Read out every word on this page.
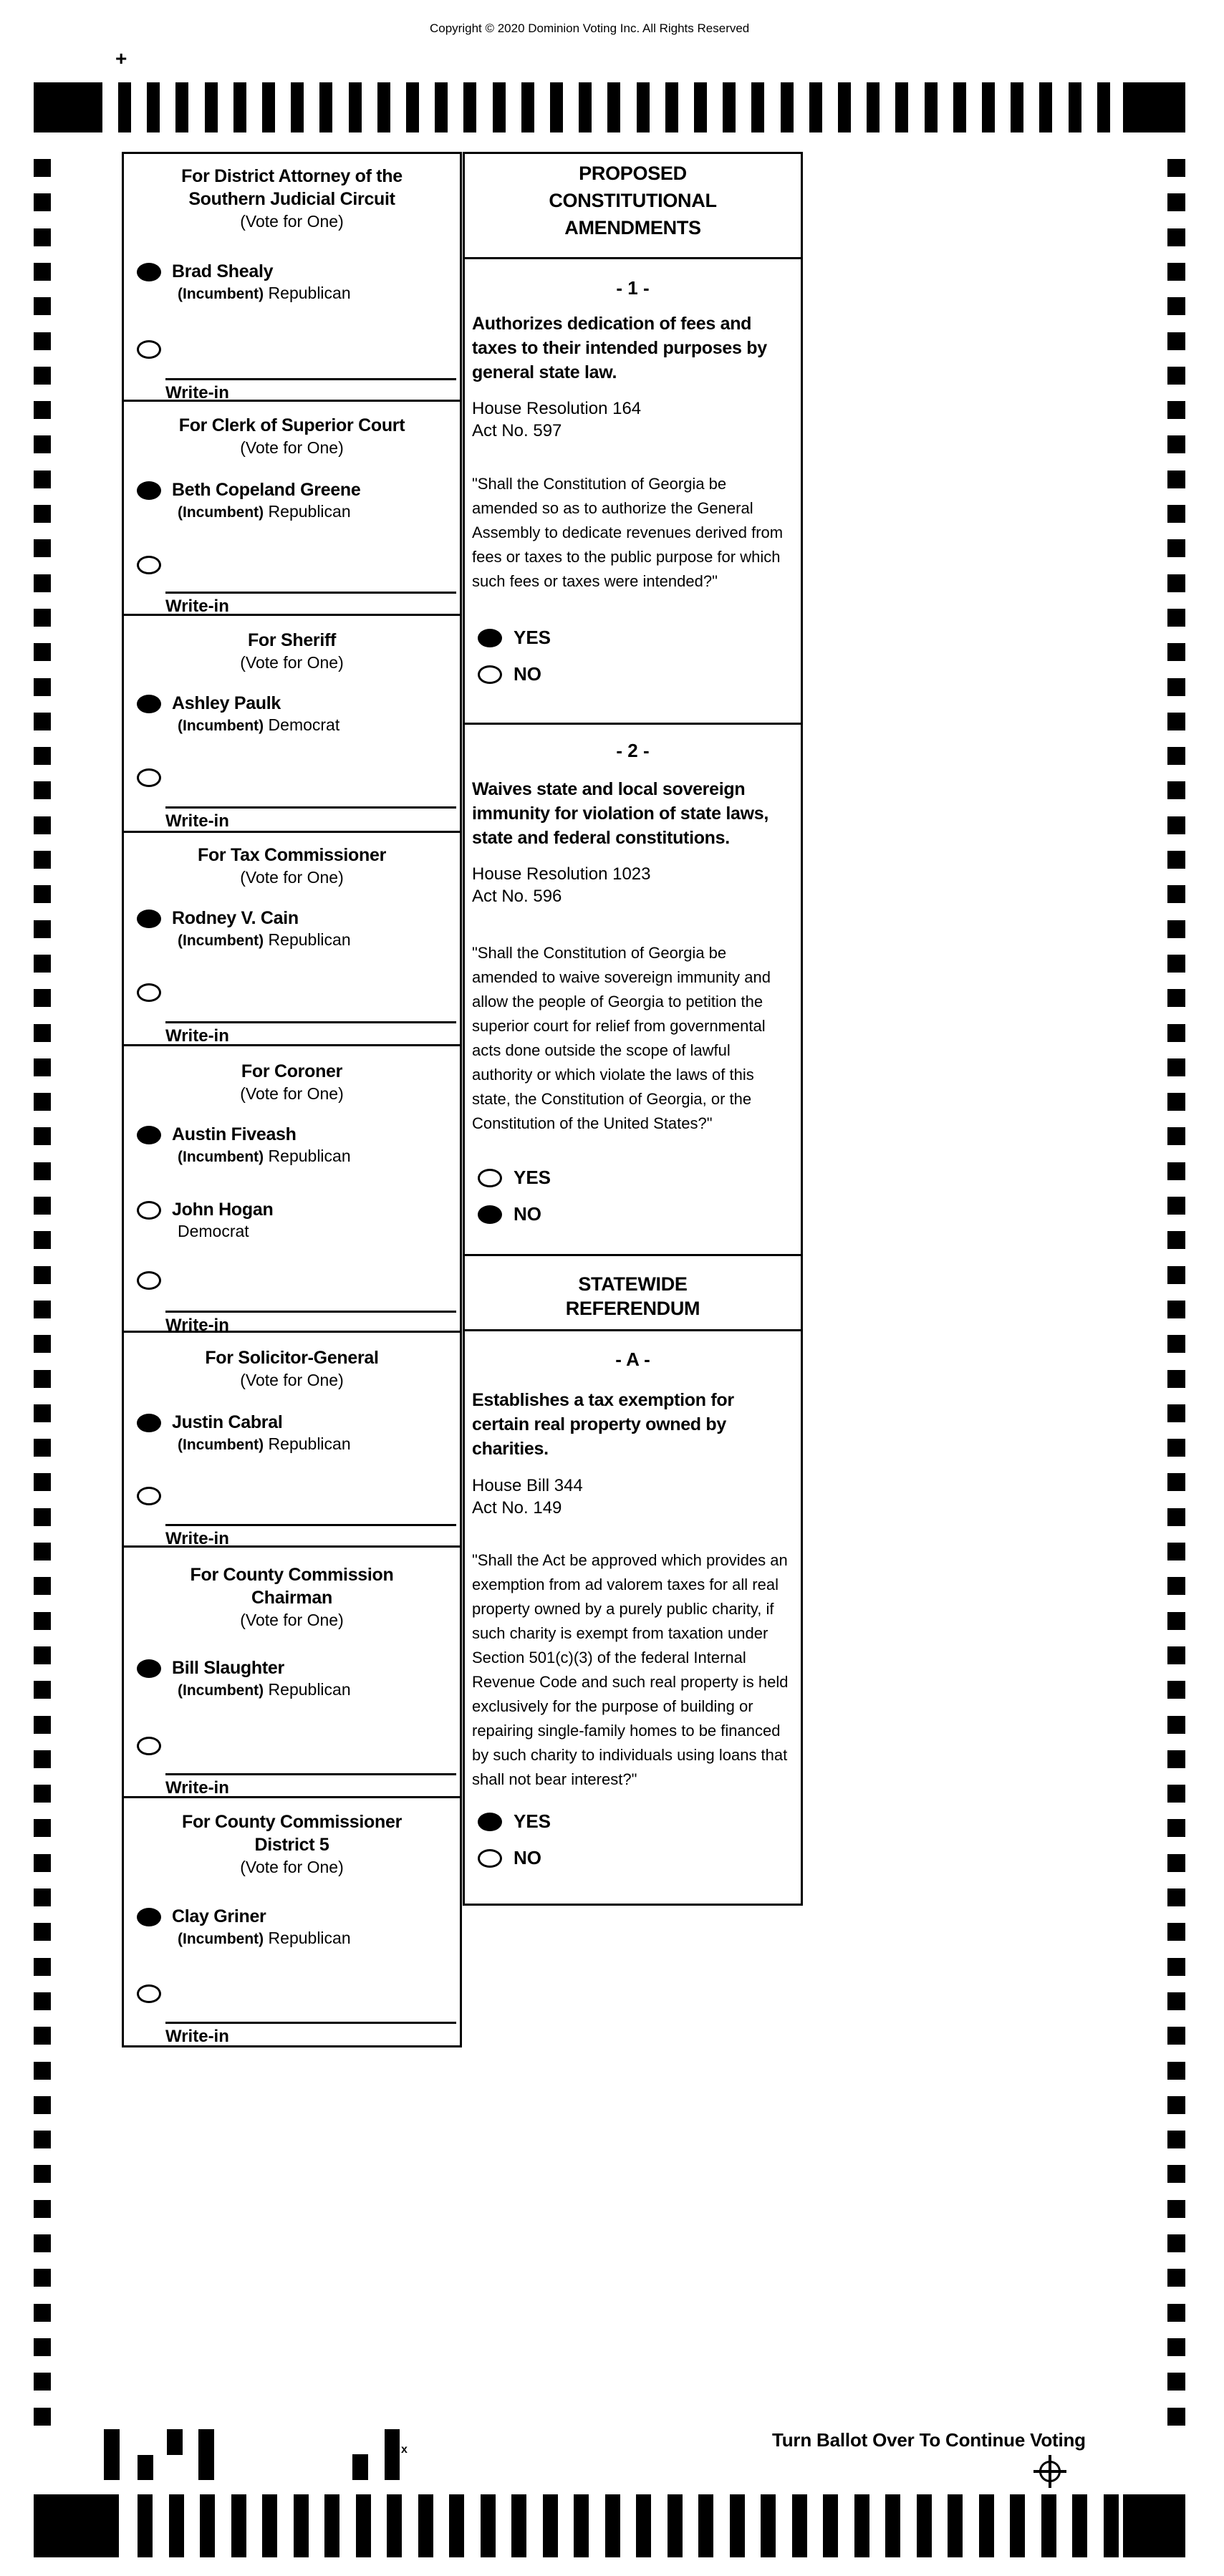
Copyright © 2020 Dominion Voting Inc. All Rights Reserved
+
For District Attorney of the
Southern Judicial Circuit
(Vote for One)
Brad Shealy
(Incumbent) Republican
Write-in
For Clerk of Superior Court
(Vote for One)
Beth Copeland Greene
(Incumbent) Republican
Write-in
For Sheriff
(Vote for One)
Ashley Paulk
(Incumbent) Democrat
Write-in
For Tax Commissioner
(Vote for One)
Rodney V. Cain
(Incumbent) Republican
Write-in
For Coroner
(Vote for One)
Austin Fiveash
(Incumbent) Republican
John Hogan
Democrat
Write-in
For Solicitor-General
(Vote for One)
Justin Cabral
(Incumbent) Republican
Write-in
For County Commission
Chairman
(Vote for One)
Bill Slaughter
(Incumbent) Republican
Write-in
For County Commissioner
District 5
(Vote for One)
Clay Griner
(Incumbent) Republican
Write-in
PROPOSED
CONSTITUTIONAL
AMENDMENTS
- 1 -
Authorizes dedication of fees and taxes to their intended purposes by general state law.
House Resolution 164
Act No. 597
"Shall the Constitution of Georgia be amended so as to authorize the General Assembly to dedicate revenues derived from fees or taxes to the public purpose for which such fees or taxes were intended?"
YES
NO
- 2 -
Waives state and local sovereign immunity for violation of state laws, state and federal constitutions.
House Resolution 1023
Act No. 596
"Shall the Constitution of Georgia be amended to waive sovereign immunity and allow the people of Georgia to petition the superior court for relief from governmental acts done outside the scope of lawful authority or which violate the laws of this state, the Constitution of Georgia, or the Constitution of the United States?"
YES
NO
STATEWIDE
REFERENDUM
- A -
Establishes a tax exemption for certain real property owned by charities.
House Bill 344
Act No. 149
"Shall the Act be approved which provides an exemption from ad valorem taxes for all real property owned by a purely public charity, if such charity is exempt from taxation under Section 501(c)(3) of the federal Internal Revenue Code and such real property is held exclusively for the purpose of building or repairing single-family homes to be financed by such charity to individuals using loans that shall not bear interest?"
YES
NO
x	Turn Ballot Over To Continue Voting
